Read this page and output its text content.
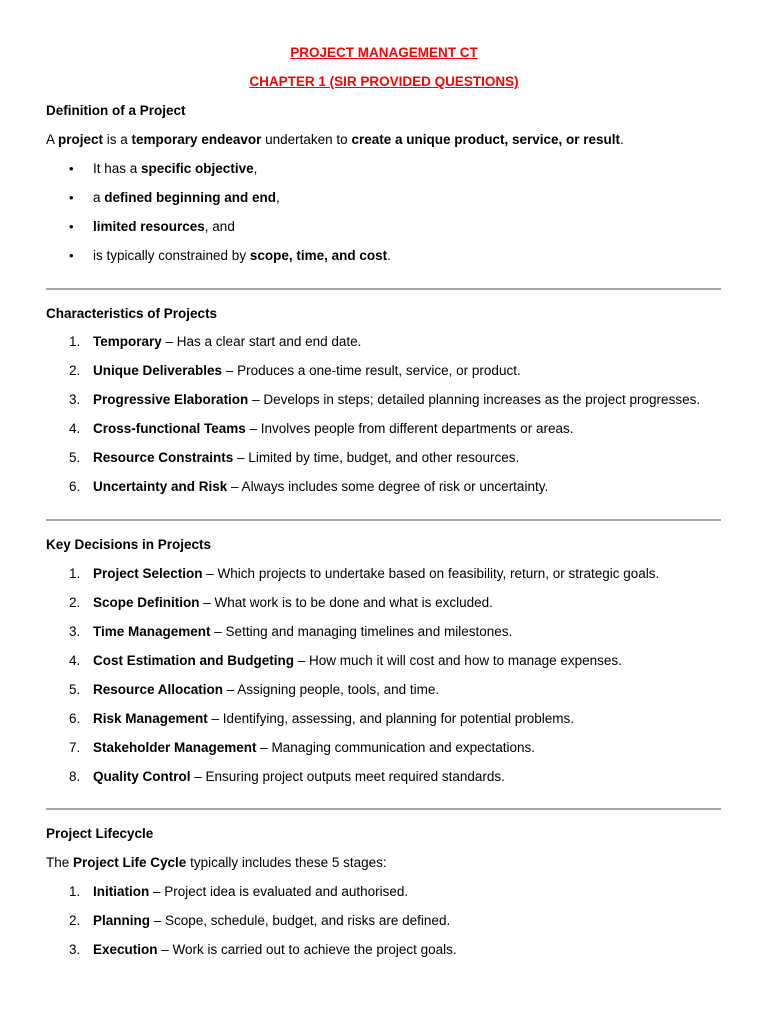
PROJECT MANAGEMENT CT
CHAPTER 1 (SIR PROVIDED QUESTIONS)
Definition of a Project
A project is a temporary endeavor undertaken to create a unique product, service, or result.
• It has a specific objective,
• a defined beginning and end,
• limited resources, and
• is typically constrained by scope, time, and cost.
Characteristics of Projects
1. Temporary – Has a clear start and end date.
2. Unique Deliverables – Produces a one-time result, service, or product.
3. Progressive Elaboration – Develops in steps; detailed planning increases as the project progresses.
4. Cross-functional Teams – Involves people from different departments or areas.
5. Resource Constraints – Limited by time, budget, and other resources.
6. Uncertainty and Risk – Always includes some degree of risk or uncertainty.
Key Decisions in Projects
1. Project Selection – Which projects to undertake based on feasibility, return, or strategic goals.
2. Scope Definition – What work is to be done and what is excluded.
3. Time Management – Setting and managing timelines and milestones.
4. Cost Estimation and Budgeting – How much it will cost and how to manage expenses.
5. Resource Allocation – Assigning people, tools, and time.
6. Risk Management – Identifying, assessing, and planning for potential problems.
7. Stakeholder Management – Managing communication and expectations.
8. Quality Control – Ensuring project outputs meet required standards.
Project Lifecycle
The Project Life Cycle typically includes these 5 stages:
1. Initiation – Project idea is evaluated and authorised.
2. Planning – Scope, schedule, budget, and risks are defined.
3. Execution – Work is carried out to achieve the project goals.
